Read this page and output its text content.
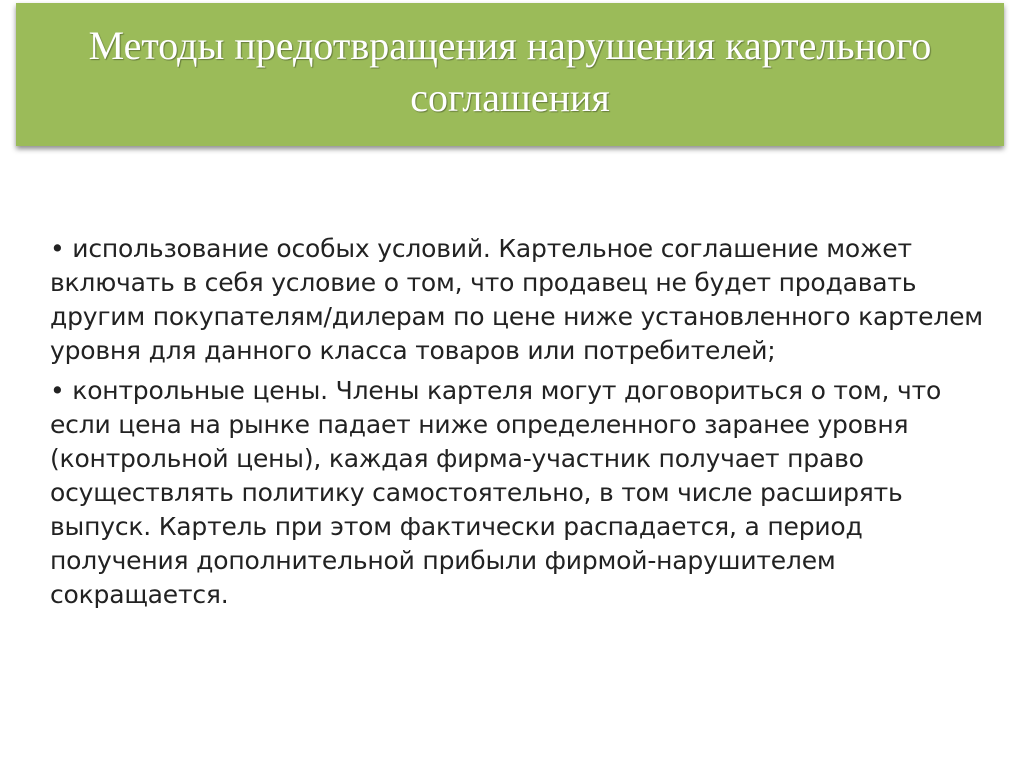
Методы предотвращения нарушения картельного соглашения

• использование особых условий. Картельное соглашение может включать в себя условие о том, что продавец не будет продавать другим покупателям/дилерам по цене ниже установленного картелем уровня для данного класса товаров или потребителей;

• контрольные цены. Члены картеля могут договориться о том, что если цена на рынке падает ниже определенного заранее уровня (контрольной цены), каждая фирма-участник получает право осуществлять политику самостоятельно, в том числе расширять выпуск. Картель при этом фактически распадается, а период получения дополнительной прибыли фирмой-нарушителем сокращается.
